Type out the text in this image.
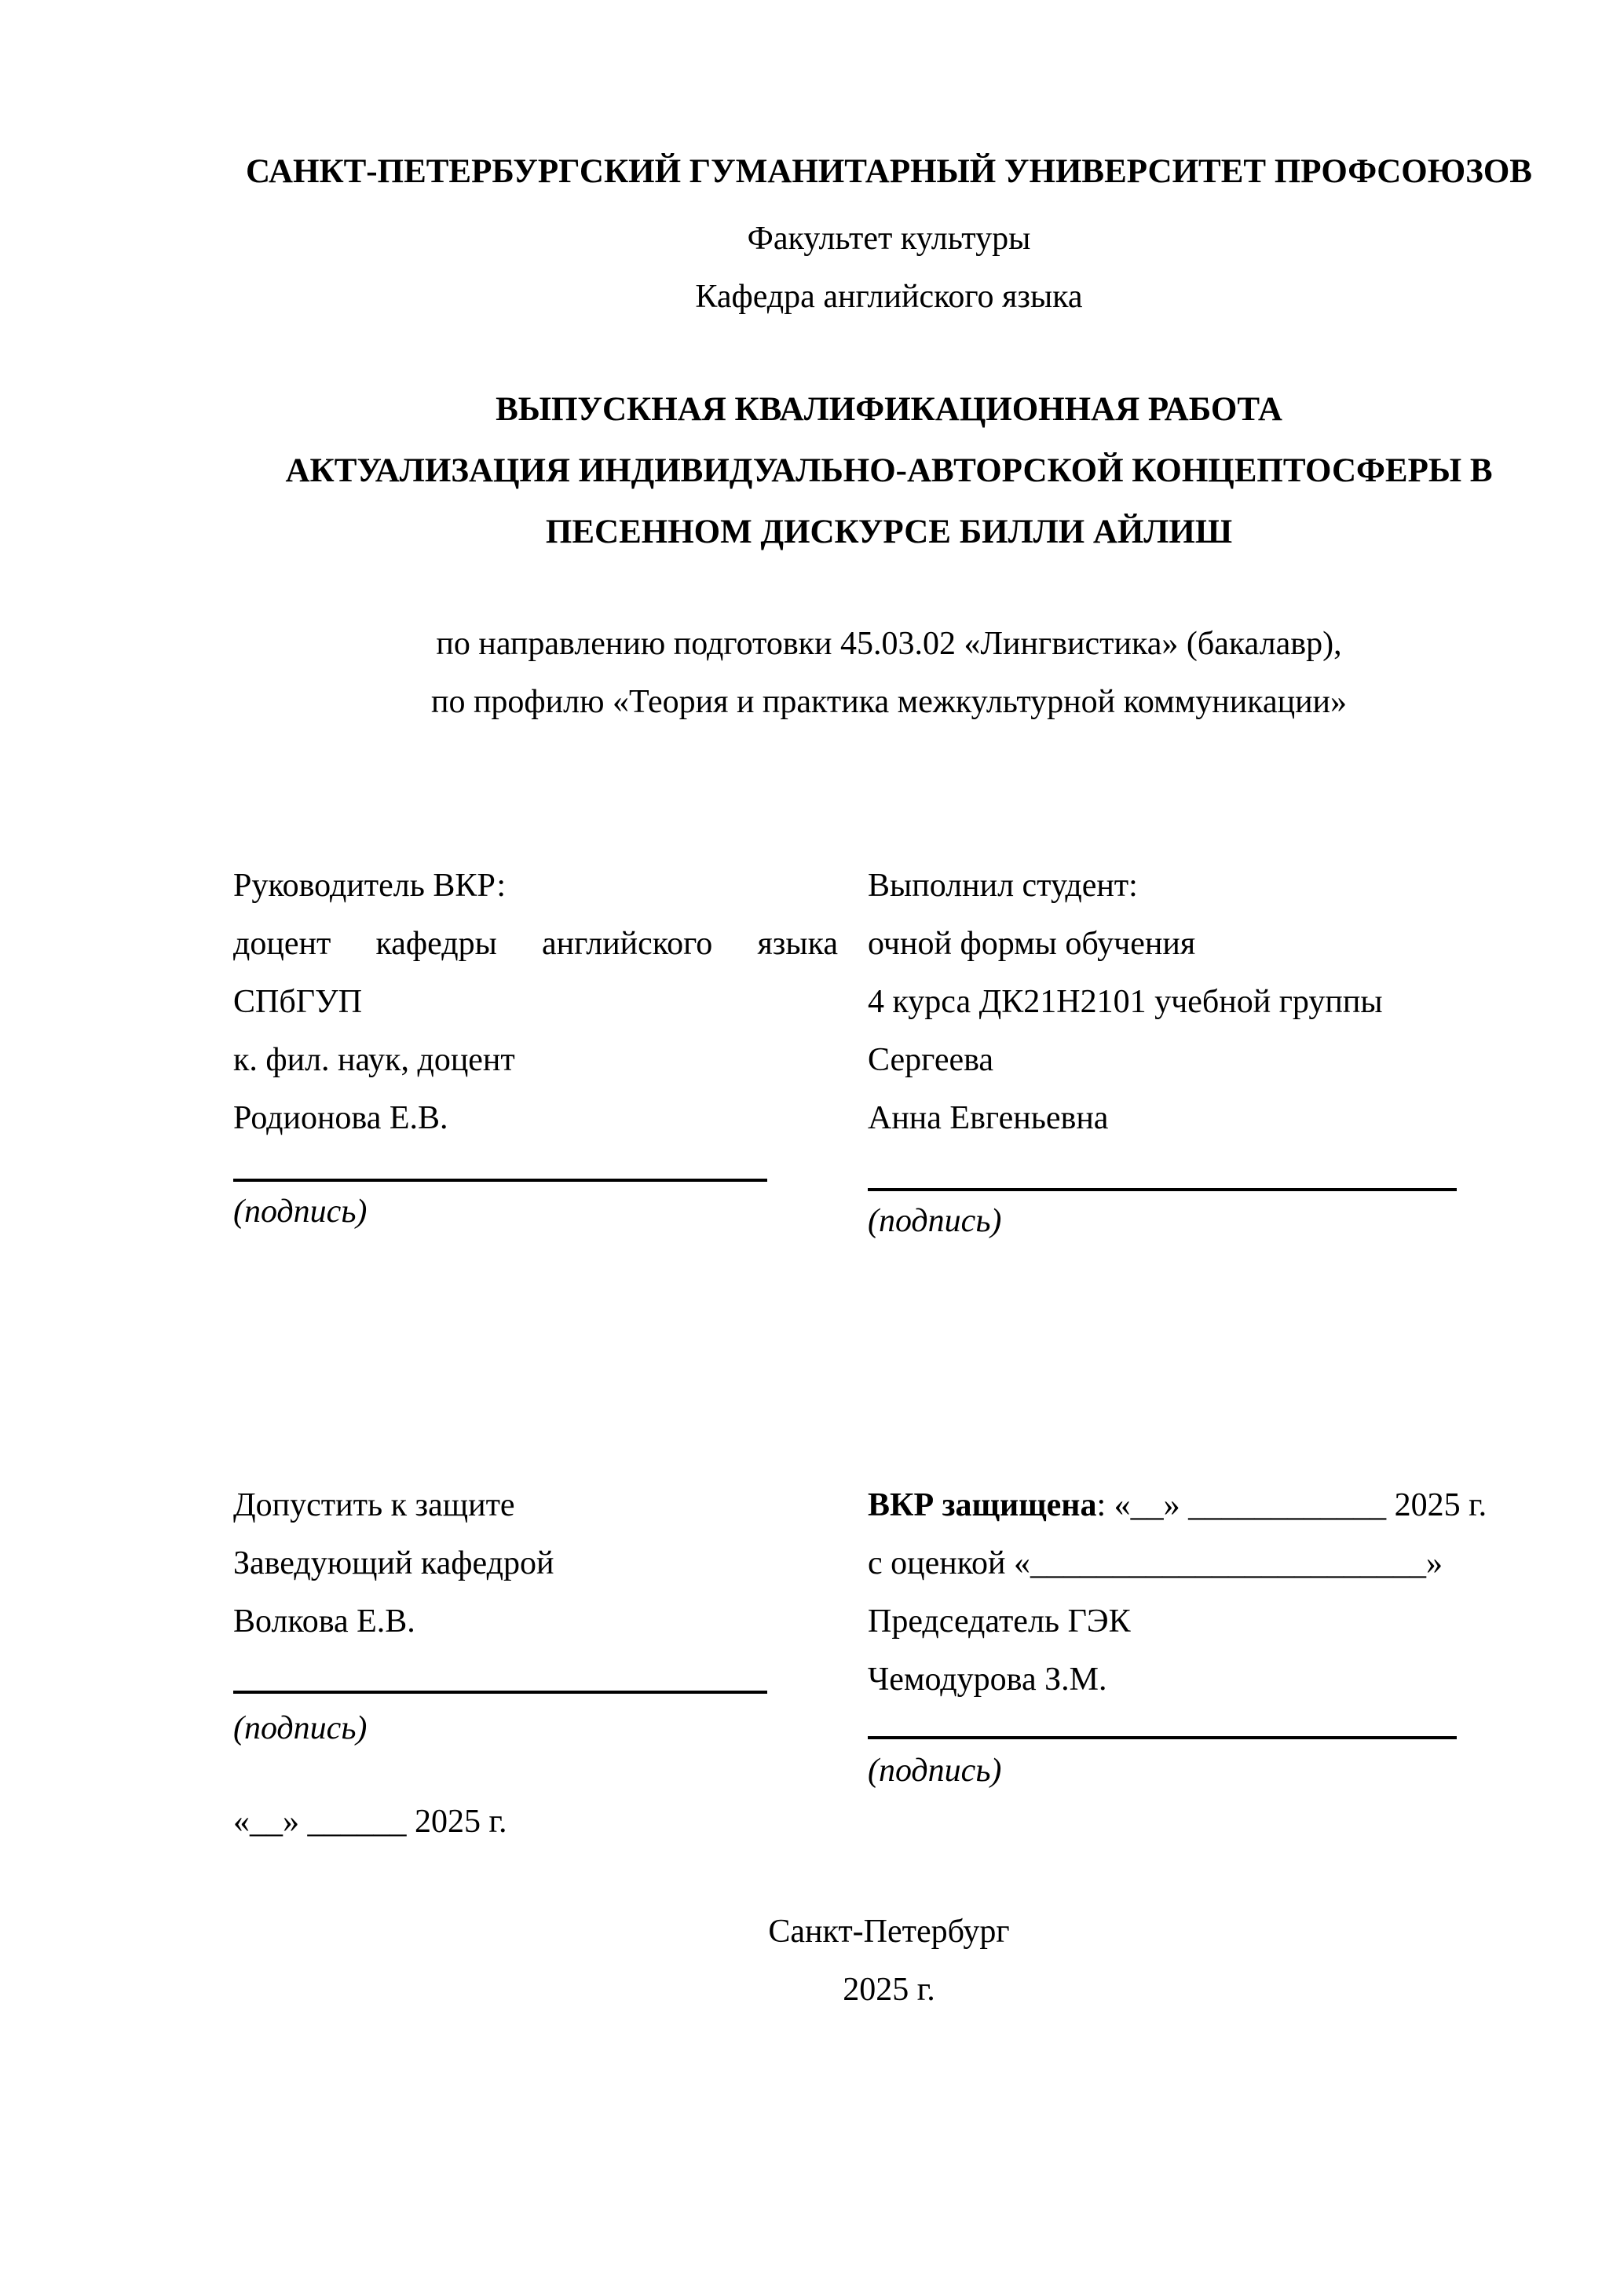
САНКТ-ПЕТЕРБУРГСКИЙ ГУМАНИТАРНЫЙ УНИВЕРСИТЕТ ПРОФСОЮЗОВ
Факультет культуры
Кафедра английского языка
ВЫПУСКНАЯ КВАЛИФИКАЦИОННАЯ РАБОТА
АКТУАЛИЗАЦИЯ ИНДИВИДУАЛЬНО-АВТОРСКОЙ КОНЦЕПТОСФЕРЫ В
ПЕСЕННОМ ДИСКУРСЕ БИЛЛИ АЙЛИШ
по направлению подготовки 45.03.02 «Лингвистика» (бакалавр),
по профилю «Теория и практика межкультурной коммуникации»
Руководитель ВКР:
доцент кафедры английского языка
СПбГУП
к. фил. наук, доцент
Родионова Е.В.
(подпись)
Выполнил студент:
очной формы обучения
4 курса ДК21Н2101 учебной группы
Сергеева
Анна Евгеньевна
(подпись)
Допустить к защите
Заведующий кафедрой
Волкова Е.В.
(подпись)
«__» ______ 2025 г.
ВКР защищена: «__» ____________ 2025 г.
с оценкой «________________________»
Председатель ГЭК
Чемодурова З.М.
(подпись)
Санкт-Петербург
2025 г.
